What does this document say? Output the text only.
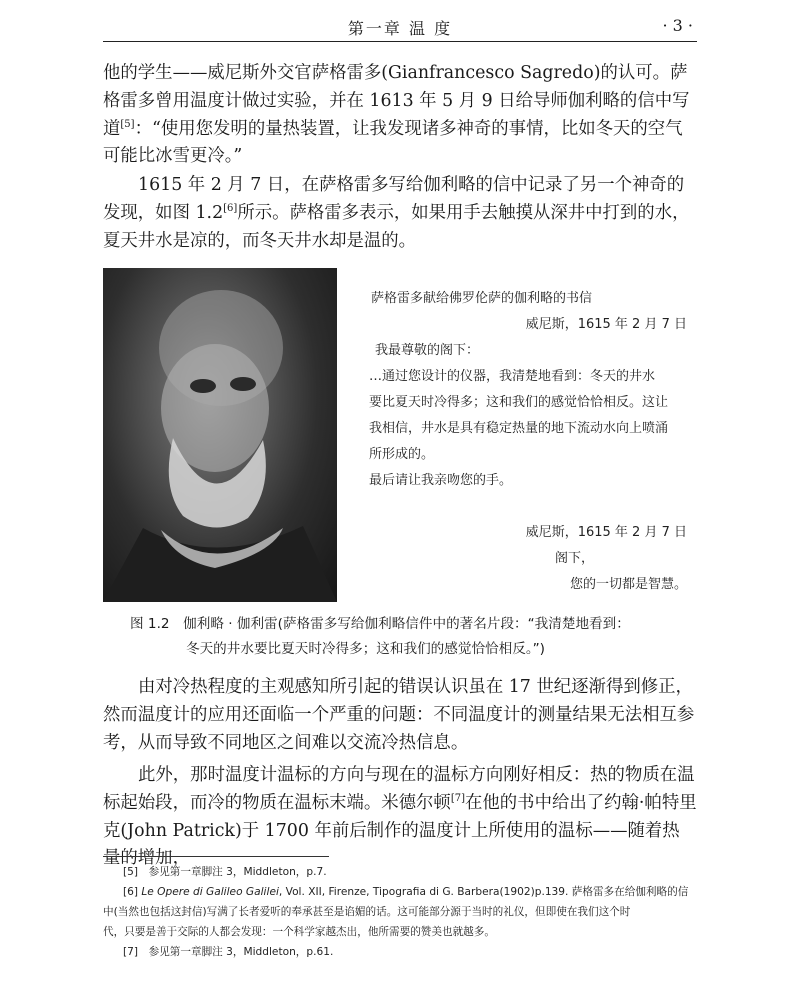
第一章 温 度	· 3 ·

他的学生——威尼斯外交官萨格雷多(Gianfrancesco Sagredo)的认可。萨格雷多曾用温度计做过实验，并在 1613 年 5 月 9 日给导师伽利略的信中写道[5]：“使用您发明的量热装置，让我发现诸多神奇的事情，比如冬天的空气可能比冰雪更冷。”

1615 年 2 月 7 日，在萨格雷多写给伽利略的信中记录了另一个神奇的发现，如图 1.2[6]所示。萨格雷多表示，如果用手去触摸从深井中打到的水，夏天井水是凉的，而冬天井水却是温的。

萨格雷多献给佛罗伦萨的伽利略的书信
威尼斯，1615 年 2 月 7 日
我最尊敬的阁下：
…通过您设计的仪器，我清楚地看到：冬天的井水
要比夏天时冷得多；这和我们的感觉恰恰相反。这让
我相信，井水是具有稳定热量的地下流动水向上喷涌
所形成的。
最后请让我亲吻您的手。
威尼斯，1615 年 2 月 7 日
阁下，
您的一切都是智慧。
图 1.2　伽利略 · 伽利雷(萨格雷多写给伽利略信件中的著名片段：“我清楚地看到：
冬天的井水要比夏天时冷得多；这和我们的感觉恰恰相反。”)

由对冷热程度的主观感知所引起的错误认识虽在 17 世纪逐渐得到修正，然而温度计的应用还面临一个严重的问题：不同温度计的测量结果无法相互参考，从而导致不同地区之间难以交流冷热信息。

此外，那时温度计温标的方向与现在的温标方向刚好相反：热的物质在温标起始段，而冷的物质在温标末端。米德尔顿[7]在他的书中给出了约翰·帕特里克(John Patrick)于 1700 年前后制作的温度计上所使用的温标——随着热量的增加，

[5]　参见第一章脚注 3，Middleton，p.7.
[6] Le Opere di Galileo Galilei, Vol. XII, Firenze, Tipografia di G. Barbera(1902)p.139. 萨格雷多在给伽利略的信
中(当然也包括这封信)写满了长者爱听的奉承甚至是谄媚的话。这可能部分源于当时的礼仪，但即使在我们这个时
代，只要是善于交际的人都会发现：一个科学家越杰出，他所需要的赞美也就越多。
[7]　参见第一章脚注 3，Middleton，p.61.
